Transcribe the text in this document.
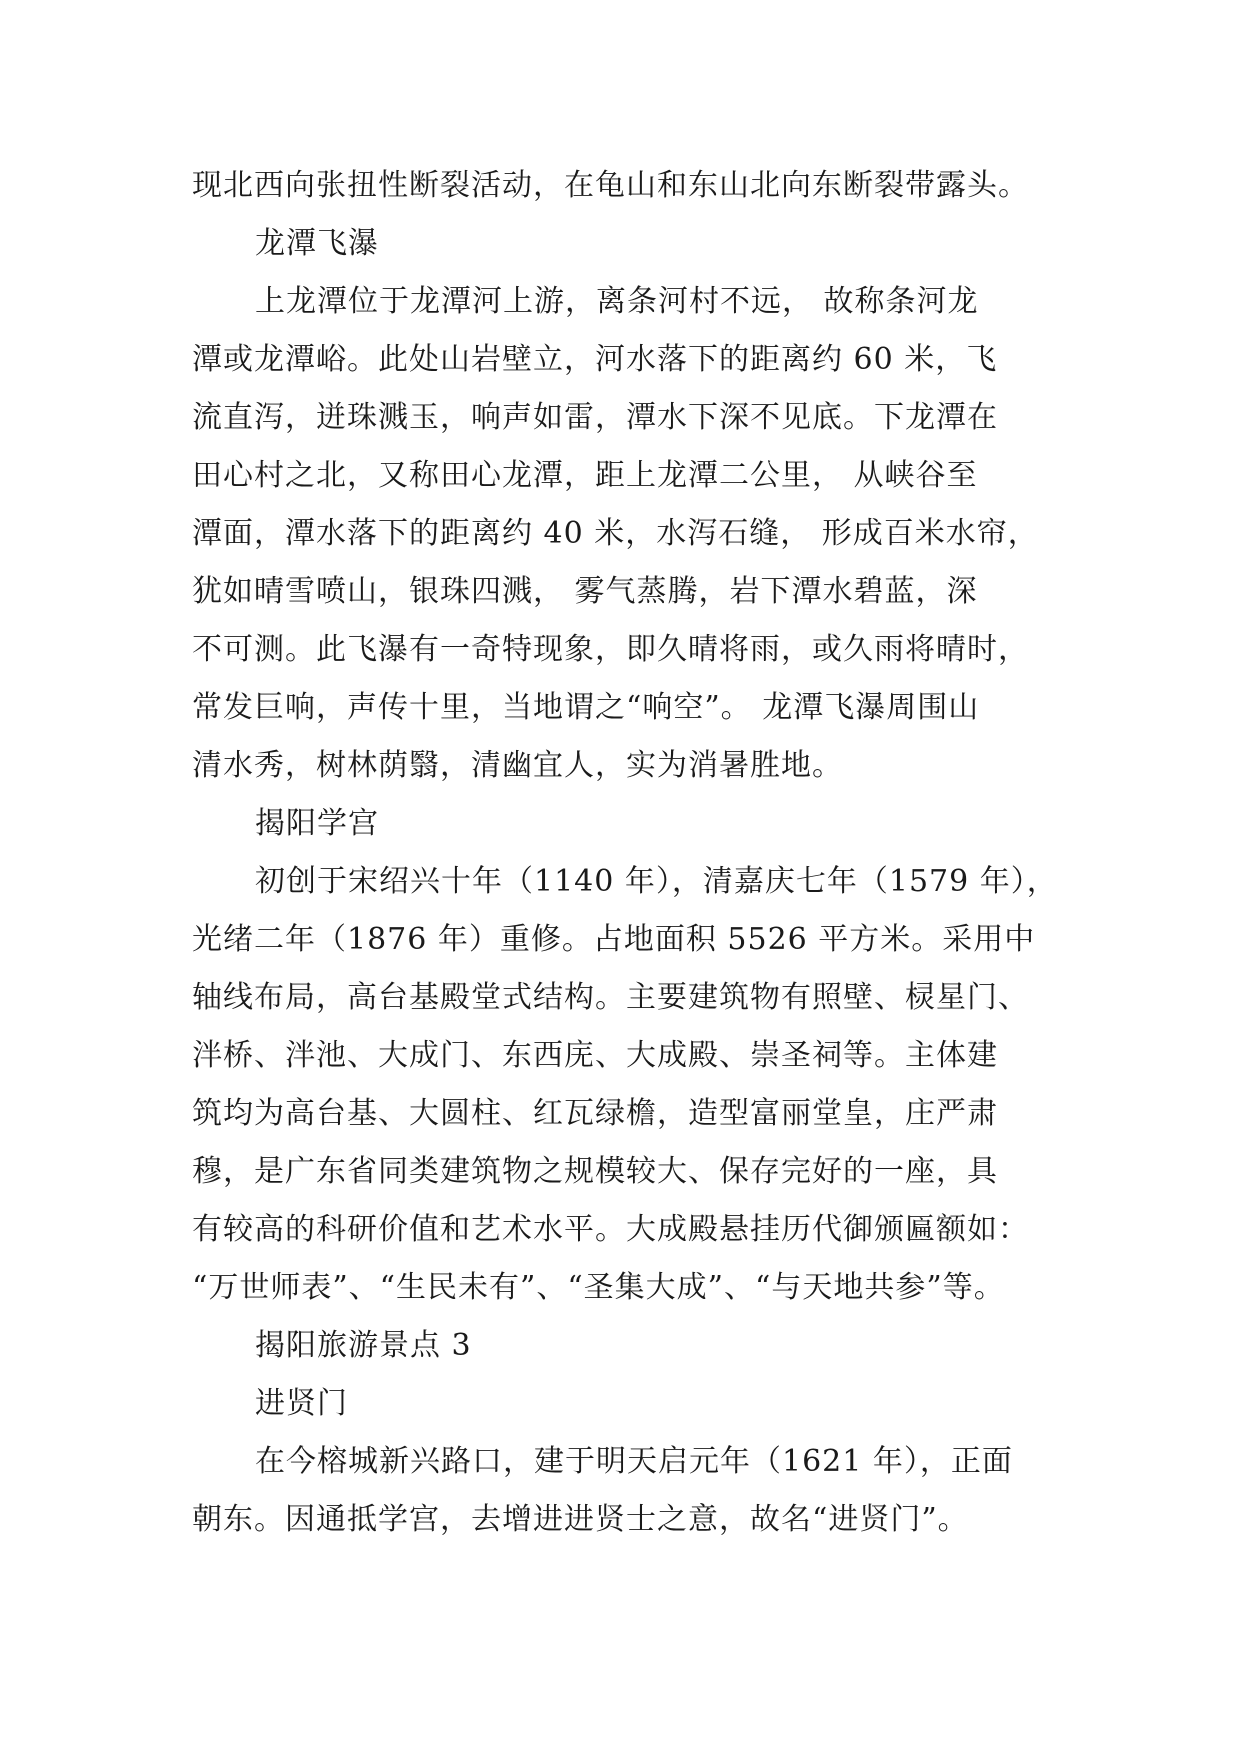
现北西向张扭性断裂活动，在龟山和东山北向东断裂带露头。
龙潭飞瀑
上龙潭位于龙潭河上游，离条河村不远， 故称条河龙
潭或龙潭峪。此处山岩壁立，河水落下的距离约 60 米，飞
流直泻，迸珠溅玉，响声如雷，潭水下深不见底。下龙潭在
田心村之北，又称田心龙潭，距上龙潭二公里， 从峡谷至
潭面，潭水落下的距离约 40 米，水泻石缝， 形成百米水帘，
犹如晴雪喷山，银珠四溅， 雾气蒸腾，岩下潭水碧蓝，深
不可测。此飞瀑有一奇特现象，即久晴将雨，或久雨将晴时，
常发巨响，声传十里，当地谓之“响空”。 龙潭飞瀑周围山
清水秀，树林荫翳，清幽宜人，实为消暑胜地。
揭阳学宫
初创于宋绍兴十年（1140 年），清嘉庆七年（1579 年），
光绪二年（1876 年）重修。占地面积 5526 平方米。采用中
轴线布局，高台基殿堂式结构。主要建筑物有照壁、棂星门、
泮桥、泮池、大成门、东西庑、大成殿、崇圣祠等。主体建
筑均为高台基、大圆柱、红瓦绿檐，造型富丽堂皇，庄严肃
穆，是广东省同类建筑物之规模较大、保存完好的一座，具
有较高的科研价值和艺术水平。大成殿悬挂历代御颁匾额如：
“万世师表”、“生民未有”、“圣集大成”、“与天地共参”等。
揭阳旅游景点 3
进贤门
在今榕城新兴路口，建于明天启元年（1621 年），正面
朝东。因通抵学宫，去增进进贤士之意，故名“进贤门”。
